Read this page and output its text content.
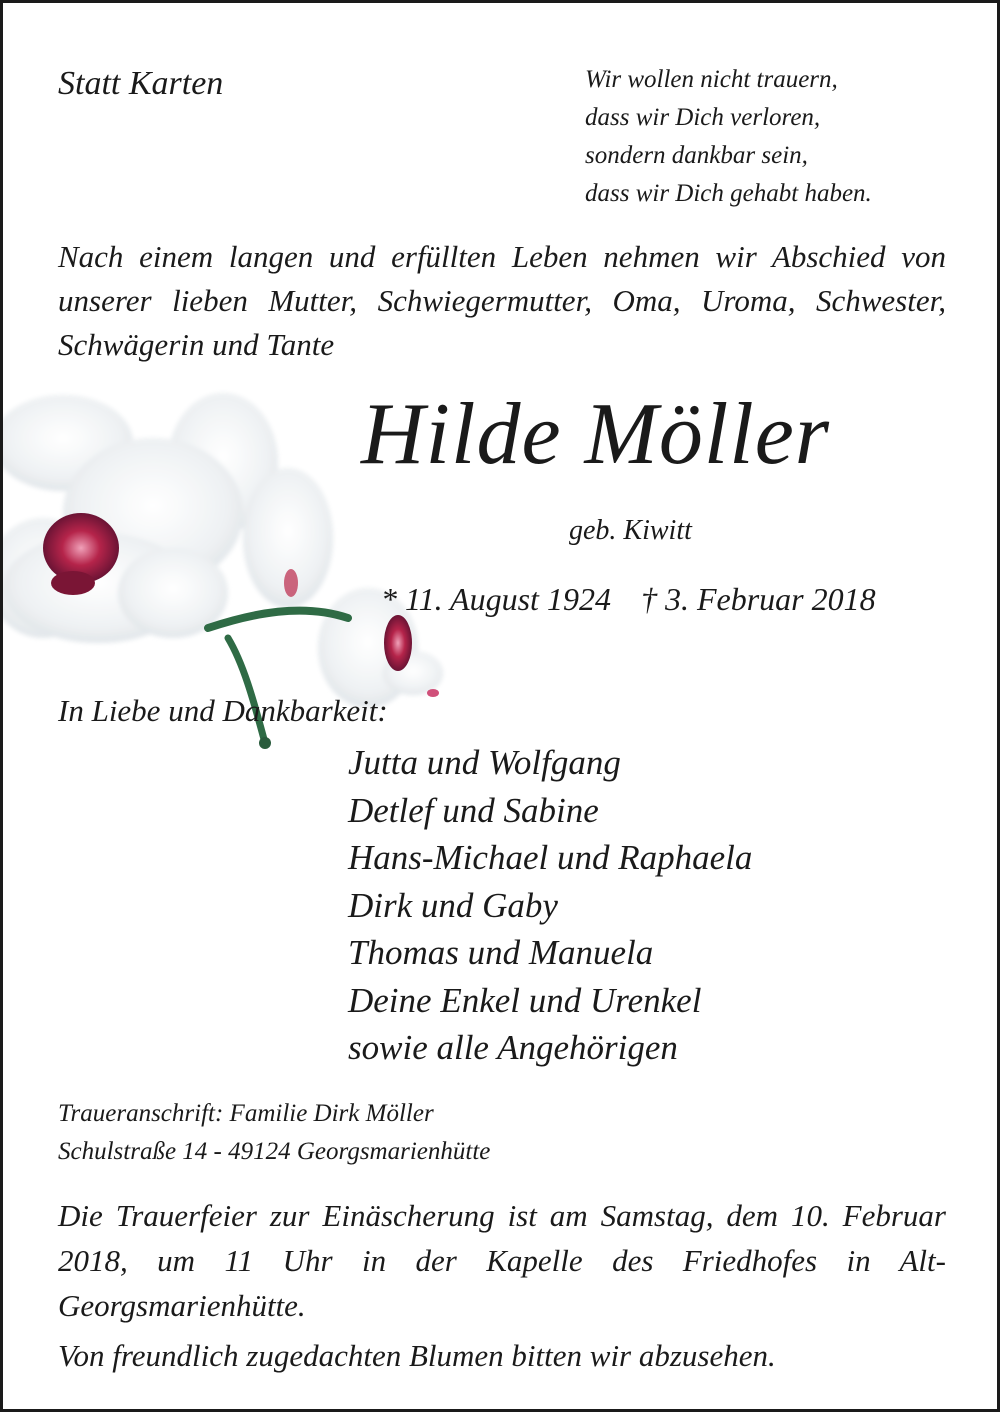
Statt Karten	Wir wollen nicht trauern,
dass wir Dich verloren,
sondern dankbar sein,
dass wir Dich gehabt haben.

Nach einem langen und erfüllten Leben nehmen wir Abschied von unserer lieben Mutter, Schwiegermutter, Oma, Uroma, Schwester, Schwägerin und Tante

Hilde Möller

geb. Kiwitt

* 11. August 1924 † 3. Februar 2018

In Liebe und Dankbarkeit:

Jutta und Wolfgang
Detlef und Sabine
Hans-Michael und Raphaela
Dirk und Gaby
Thomas und Manuela
Deine Enkel und Urenkel
sowie alle Angehörigen
Traueranschrift: Familie Dirk Möller
Schulstraße 14 - 49124 Georgsmarienhütte

Die Trauerfeier zur Einäscherung ist am Samstag, dem 10. Februar 2018, um 11 Uhr in der Kapelle des Friedhofes in Alt-Georgsmarienhütte.

Von freundlich zugedachten Blumen bitten wir abzusehen.
